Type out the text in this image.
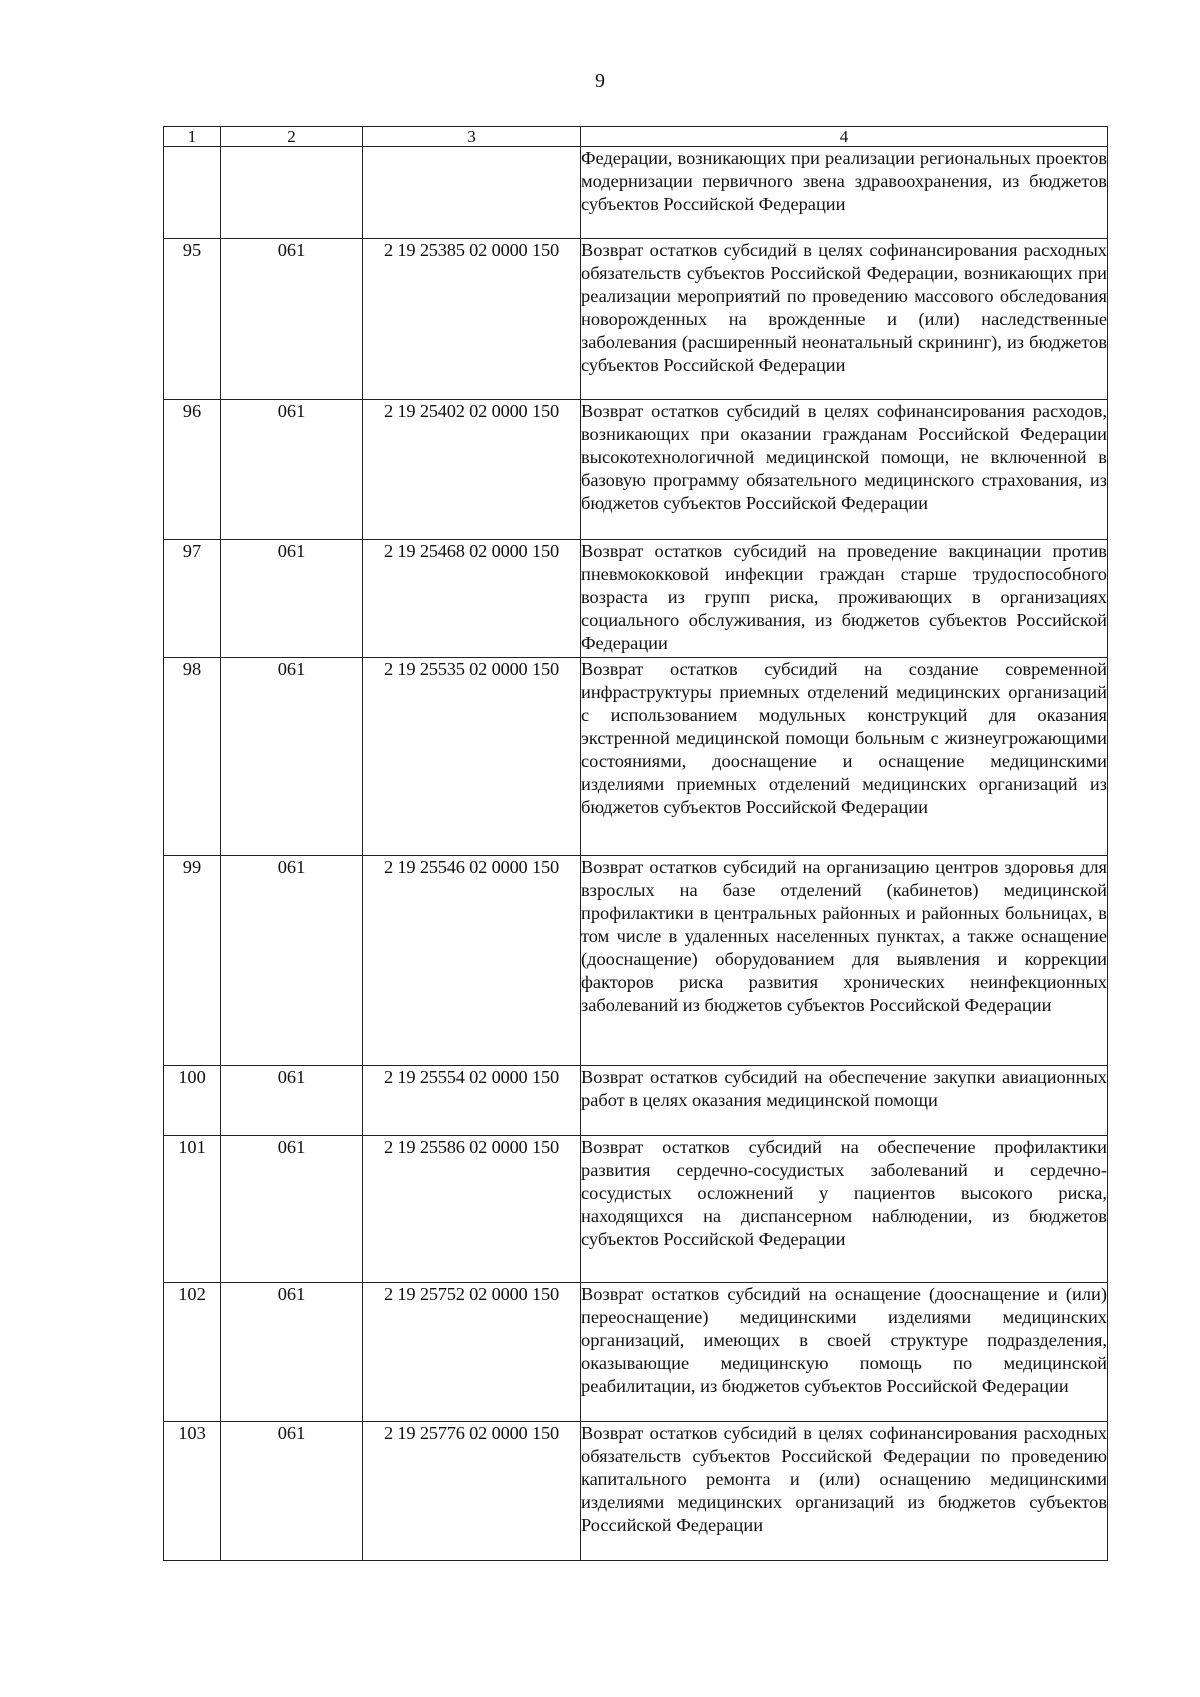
9
1	2	3	4
			Федерации, возникающих при реализации региональных проектов модернизации первичного звена здравоохранения, из бюджетов субъектов Российской Федерации
95	061	2 19 25385 02 0000 150	Возврат остатков субсидий в целях софинансирования расходных обязательств субъектов Российской Федерации, возникающих при реализации мероприятий по проведению массового обследования новорожденных на врожденные и (или) наследственные заболевания (расширенный неонатальный скрининг), из бюджетов субъектов Российской Федерации
96	061	2 19 25402 02 0000 150	Возврат остатков субсидий в целях софинансирования расходов, возникающих при оказании гражданам Российской Федерации высокотехнологичной медицинской помощи, не включенной в базовую программу обязательного медицинского страхования, из бюджетов субъектов Российской Федерации
97	061	2 19 25468 02 0000 150	Возврат остатков субсидий на проведение вакцинации против пневмококковой инфекции граждан старше трудоспособного возраста из групп риска, проживающих в организациях социального обслуживания, из бюджетов субъектов Российской Федерации
98	061	2 19 25535 02 0000 150	Возврат остатков субсидий на создание современной инфраструктуры приемных отделений медицинских организаций с использованием модульных конструкций для оказания экстренной медицинской помощи больным с жизнеугрожающими состояниями, дооснащение и оснащение медицинскими изделиями приемных отделений медицинских организаций из бюджетов субъектов Российской Федерации
99	061	2 19 25546 02 0000 150	Возврат остатков субсидий на организацию центров здоровья для взрослых на базе отделений (кабинетов) медицинской профилактики в центральных районных и районных больницах, в том числе в удаленных населенных пунктах, а также оснащение (дооснащение) оборудованием для выявления и коррекции факторов риска развития хронических неинфекционных заболеваний из бюджетов субъектов Российской Федерации
100	061	2 19 25554 02 0000 150	Возврат остатков субсидий на обеспечение закупки авиационных работ в целях оказания медицинской помощи
101	061	2 19 25586 02 0000 150	Возврат остатков субсидий на обеспечение профилактики развития сердечно-сосудистых заболеваний и сердечно-сосудистых осложнений у пациентов высокого риска, находящихся на диспансерном наблюдении, из бюджетов субъектов Российской Федерации
102	061	2 19 25752 02 0000 150	Возврат остатков субсидий на оснащение (дооснащение и (или) переоснащение) медицинскими изделиями медицинских организаций, имеющих в своей структуре подразделения, оказывающие медицинскую помощь по медицинской реабилитации, из бюджетов субъектов Российской Федерации
103	061	2 19 25776 02 0000 150	Возврат остатков субсидий в целях софинансирования расходных обязательств субъектов Российской Федерации по проведению капитального ремонта и (или) оснащению медицинскими изделиями медицинских организаций из бюджетов субъектов Российской Федерации
